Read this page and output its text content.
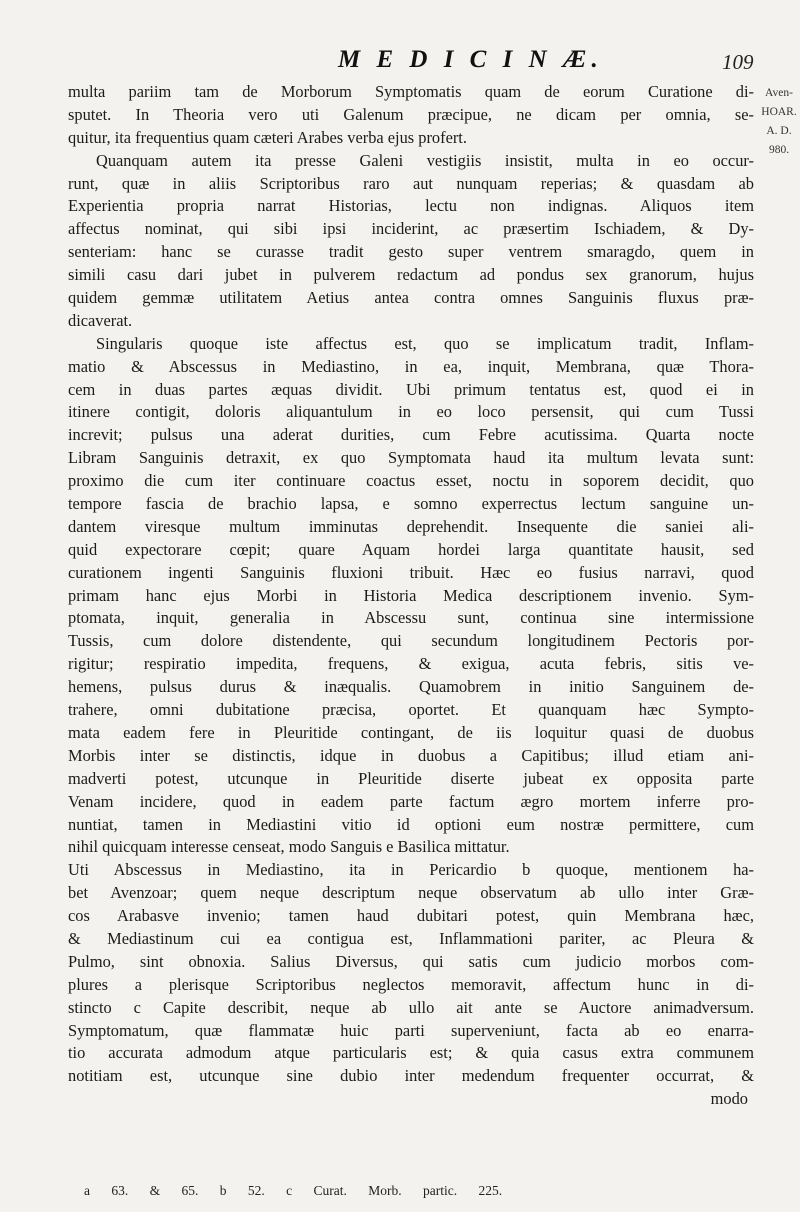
M E D I C I N Æ.	109
Aven-
HOAR.
A. D.
980.
multa pariim tam de Morborum Symptomatis quam de eorum Curatione di-
sputet. In Theoria vero uti Galenum præcipue, ne dicam per omnia, se-
quitur, ita frequentius quam cæteri Arabes verba ejus profert.
Quanquam autem ita presse Galeni vestigiis insistit, multa in eo occur-
runt, quæ in aliis Scriptoribus raro aut nunquam reperias; & quasdam ab
Experientia propria narrat Historias, lectu non indignas. Aliquos item
affectus nominat, qui sibi ipsi inciderint, ac præsertim Ischiadem, & Dy-
senteriam: hanc se curasse tradit gesto super ventrem smaragdo, quem in
simili casu dari jubet in pulverem redactum ad pondus sex granorum, hujus
quidem gemmæ utilitatem Aetius antea contra omnes Sanguinis fluxus præ-
dicaverat.
Singularis quoque iste affectus est, quo se implicatum tradit, Inflam-
matio & Abscessus in Mediastino, in ea, inquit, Membrana, quæ Thora-
cem in duas partes æquas dividit. Ubi primum tentatus est, quod ei in
itinere contigit, doloris aliquantulum in eo loco persensit, qui cum Tussi
increvit; pulsus una aderat durities, cum Febre acutissima. Quarta nocte
Libram Sanguinis detraxit, ex quo Symptomata haud ita multum levata sunt:
proximo die cum iter continuare coactus esset, noctu in soporem decidit, quo
tempore fascia de brachio lapsa, e somno experrectus lectum sanguine un-
dantem viresque multum imminutas deprehendit. Insequente die saniei ali-
quid expectorare cœpit; quare Aquam hordei larga quantitate hausit, sed
curationem ingenti Sanguinis fluxioni tribuit. Hæc eo fusius narravi, quod
primam hanc ejus Morbi in Historia Medica descriptionem invenio. Sym-
ptomata, inquit, generalia in Abscessu sunt, continua sine intermissione
Tussis, cum dolore distendente, qui secundum longitudinem Pectoris por-
rigitur; respiratio impedita, frequens, & exigua, acuta febris, sitis ve-
hemens, pulsus durus & inæqualis. Quamobrem in initio Sanguinem de-
trahere, omni dubitatione præcisa, oportet. Et quanquam hæc Sympto-
mata eadem fere in Pleuritide contingant, de iis loquitur quasi de duobus
Morbis inter se distinctis, idque in duobus a Capitibus; illud etiam ani-
madverti potest, utcunque in Pleuritide diserte jubeat ex opposita parte
Venam incidere, quod in eadem parte factum ægro mortem inferre pro-
nuntiat, tamen in Mediastini vitio id optioni eum nostræ permittere, cum
nihil quicquam interesse censeat, modo Sanguis e Basilica mittatur.
Uti Abscessus in Mediastino, ita in Pericardio b quoque, mentionem ha-
bet Avenzoar; quem neque descriptum neque observatum ab ullo inter Græ-
cos Arabasve invenio; tamen haud dubitari potest, quin Membrana hæc,
& Mediastinum cui ea contigua est, Inflammationi pariter, ac Pleura &
Pulmo, sint obnoxia. Salius Diversus, qui satis cum judicio morbos com-
plures a plerisque Scriptoribus neglectos memoravit, affectum hunc in di-
stincto c Capite describit, neque ab ullo ait ante se Auctore animadversum.
Symptomatum, quæ flammatæ huic parti superveniunt, facta ab eo enarra-
tio accurata admodum atque particularis est; & quia casus extra communem
notitiam est, utcunque sine dubio inter medendum frequenter occurrat, &
modo
a 63. & 65. b 52. c Curat. Morb. partic. 225.
